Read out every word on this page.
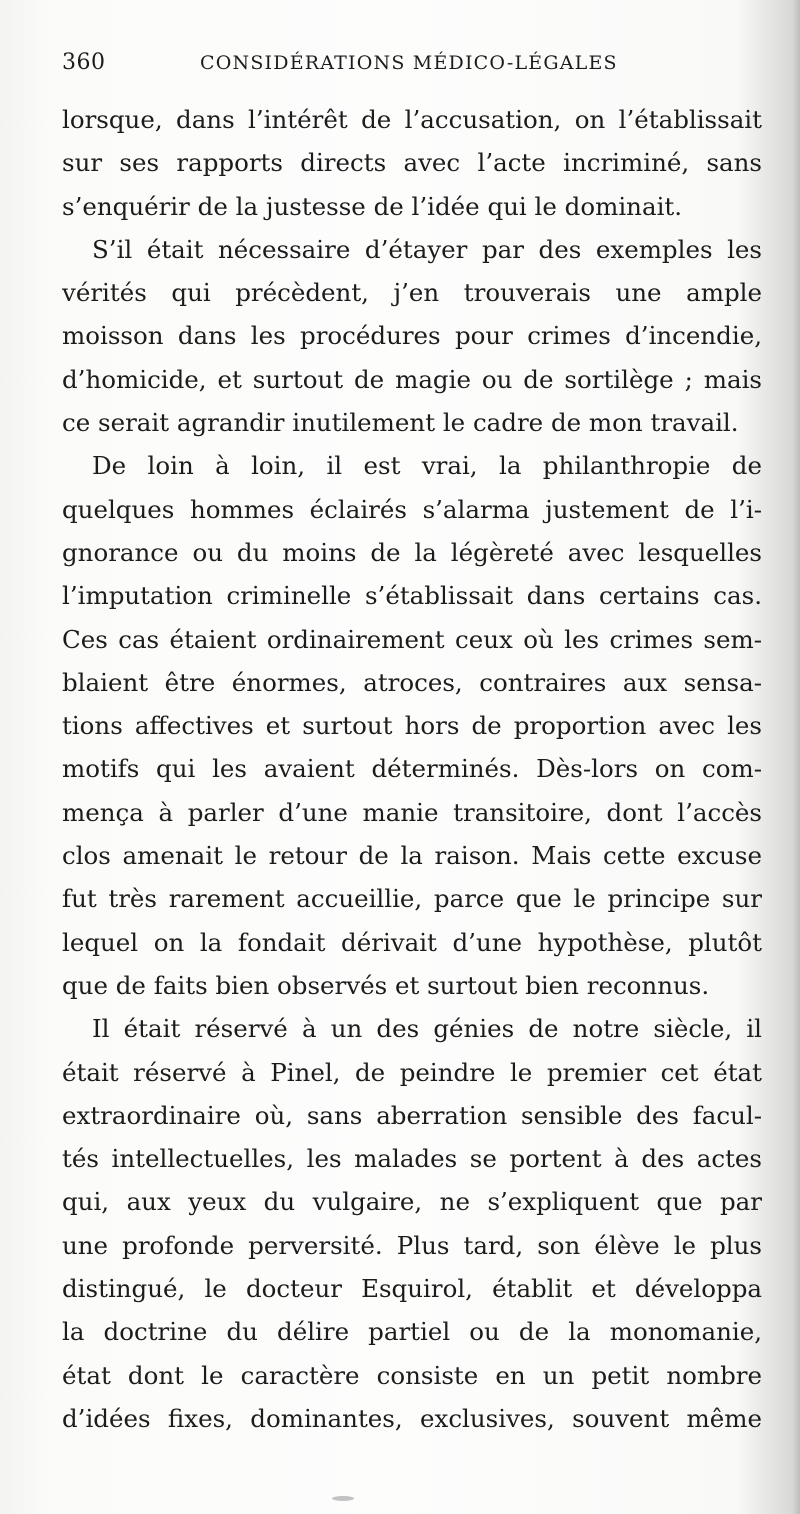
360	CONSIDÉRATIONS MÉDICO-LÉGALES
lorsque, dans l’intérêt de l’accusation, on l’établissait
sur ses rapports directs avec l’acte incriminé, sans
s’enquérir de la justesse de l’idée qui le dominait.
S’il était nécessaire d’étayer par des exemples les
vérités qui précèdent, j’en trouverais une ample
moisson dans les procédures pour crimes d’incendie,
d’homicide, et surtout de magie ou de sortilège ; mais
ce serait agrandir inutilement le cadre de mon travail.
De loin à loin, il est vrai, la philanthropie de
quelques hommes éclairés s’alarma justement de l’i-
gnorance ou du moins de la légèreté avec lesquelles
l’imputation criminelle s’établissait dans certains cas.
Ces cas étaient ordinairement ceux où les crimes sem-
blaient être énormes, atroces, contraires aux sensa-
tions affectives et surtout hors de proportion avec les
motifs qui les avaient déterminés. Dès-lors on com-
mença à parler d’une manie transitoire, dont l’accès
clos amenait le retour de la raison. Mais cette excuse
fut très rarement accueillie, parce que le principe sur
lequel on la fondait dérivait d’une hypothèse, plutôt
que de faits bien observés et surtout bien reconnus.
Il était réservé à un des génies de notre siècle, il
était réservé à Pinel, de peindre le premier cet état
extraordinaire où, sans aberration sensible des facul-
tés intellectuelles, les malades se portent à des actes
qui, aux yeux du vulgaire, ne s’expliquent que par
une profonde perversité. Plus tard, son élève le plus
distingué, le docteur Esquirol, établit et développa
la doctrine du délire partiel ou de la monomanie,
état dont le caractère consiste en un petit nombre
d’idées fixes, dominantes, exclusives, souvent même
